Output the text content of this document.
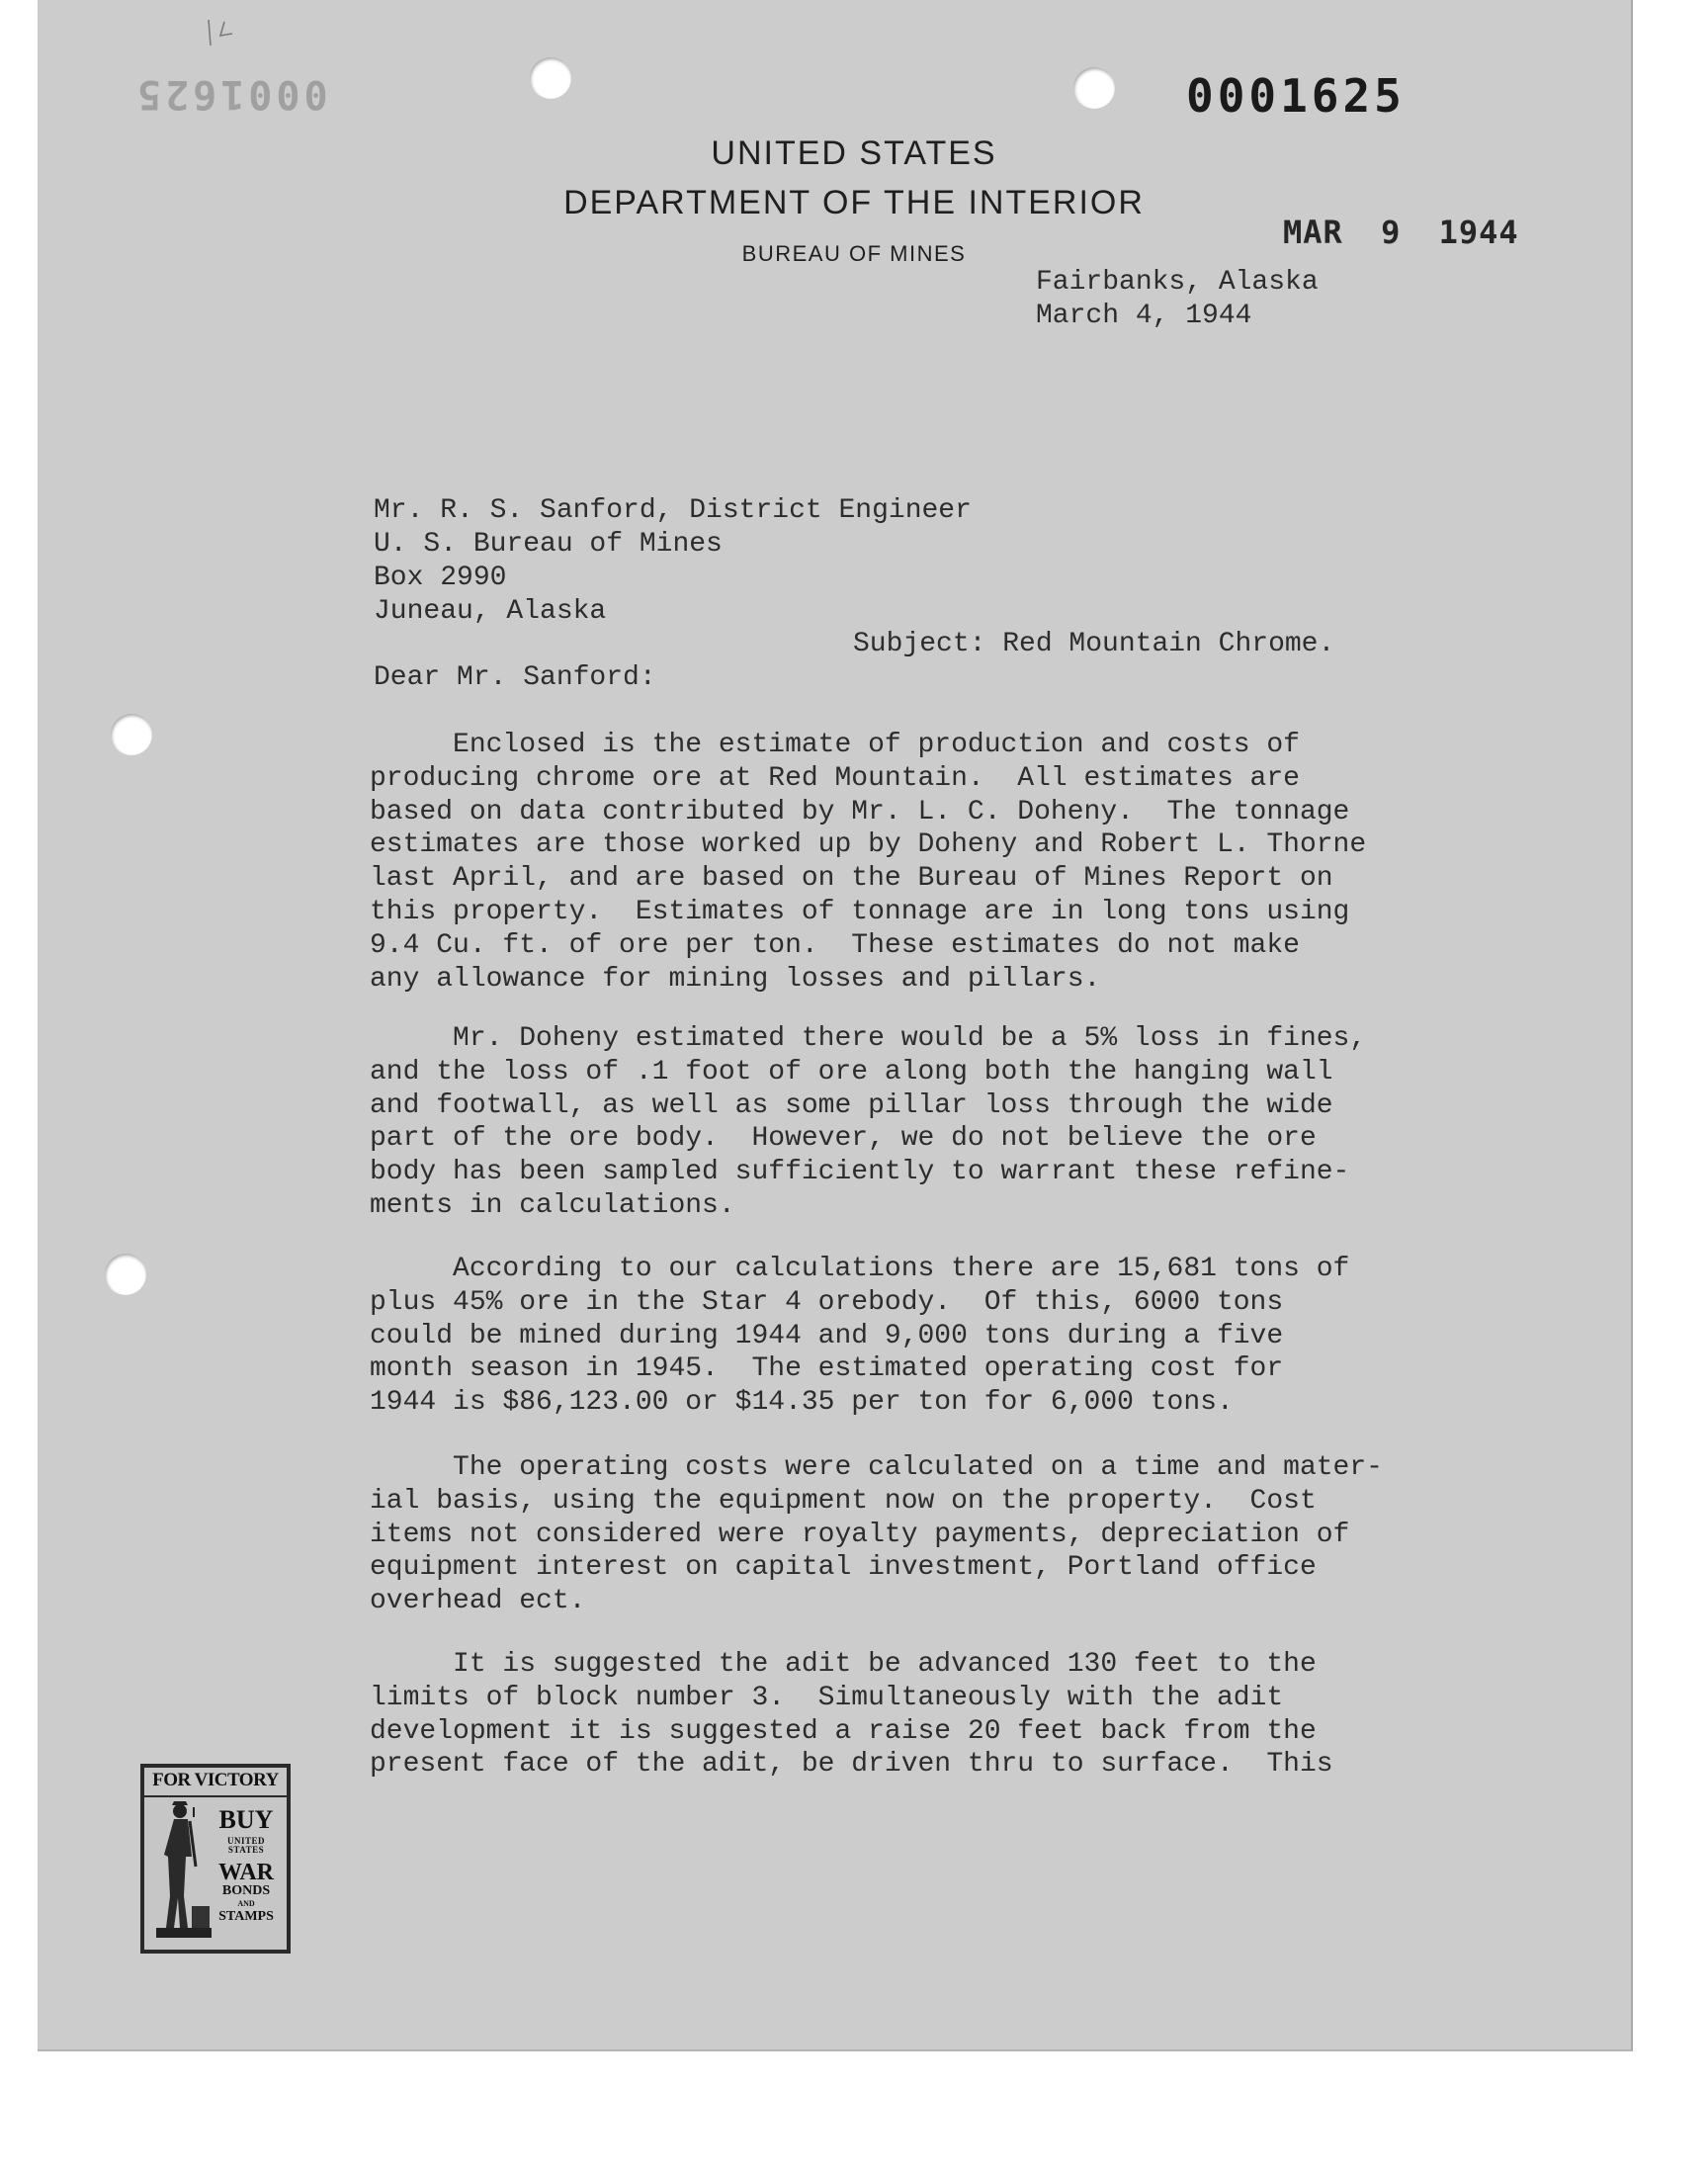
0001625	0001625
MAR 9 1944
UNITED STATES
DEPARTMENT OF THE INTERIOR
BUREAU OF MINES
Fairbanks, Alaska
March 4, 1944
Mr. R. S. Sanford, District Engineer
U. S. Bureau of Mines
Box 2990
Juneau, Alaska
Subject: Red Mountain Chrome.
Dear Mr. Sanford:

Enclosed is the estimate of production and costs of
producing chrome ore at Red Mountain.  All estimates are
based on data contributed by Mr. L. C. Doheny.  The tonnage
estimates are those worked up by Doheny and Robert L. Thorne
last April, and are based on the Bureau of Mines Report on
this property.  Estimates of tonnage are in long tons using
9.4 Cu. ft. of ore per ton.  These estimates do not make
any allowance for mining losses and pillars.

Mr. Doheny estimated there would be a 5% loss in fines,
and the loss of .1 foot of ore along both the hanging wall
and footwall, as well as some pillar loss through the wide
part of the ore body.  However, we do not believe the ore
body has been sampled sufficiently to warrant these refine-
ments in calculations.

According to our calculations there are 15,681 tons of
plus 45% ore in the Star 4 orebody.  Of this, 6000 tons
could be mined during 1944 and 9,000 tons during a five
month season in 1945.  The estimated operating cost for
1944 is $86,123.00 or $14.35 per ton for 6,000 tons.

The operating costs were calculated on a time and mater-
ial basis, using the equipment now on the property.  Cost
items not considered were royalty payments, depreciation of
equipment interest on capital investment, Portland office
overhead ect.

It is suggested the adit be advanced 130 feet to the
limits of block number 3.  Simultaneously with the adit
development it is suggested a raise 20 feet back from the
present face of the adit, be driven thru to surface.  This

FOR VICTORY
BUY
UNITED STATES
WAR
BONDS
AND
STAMPS
